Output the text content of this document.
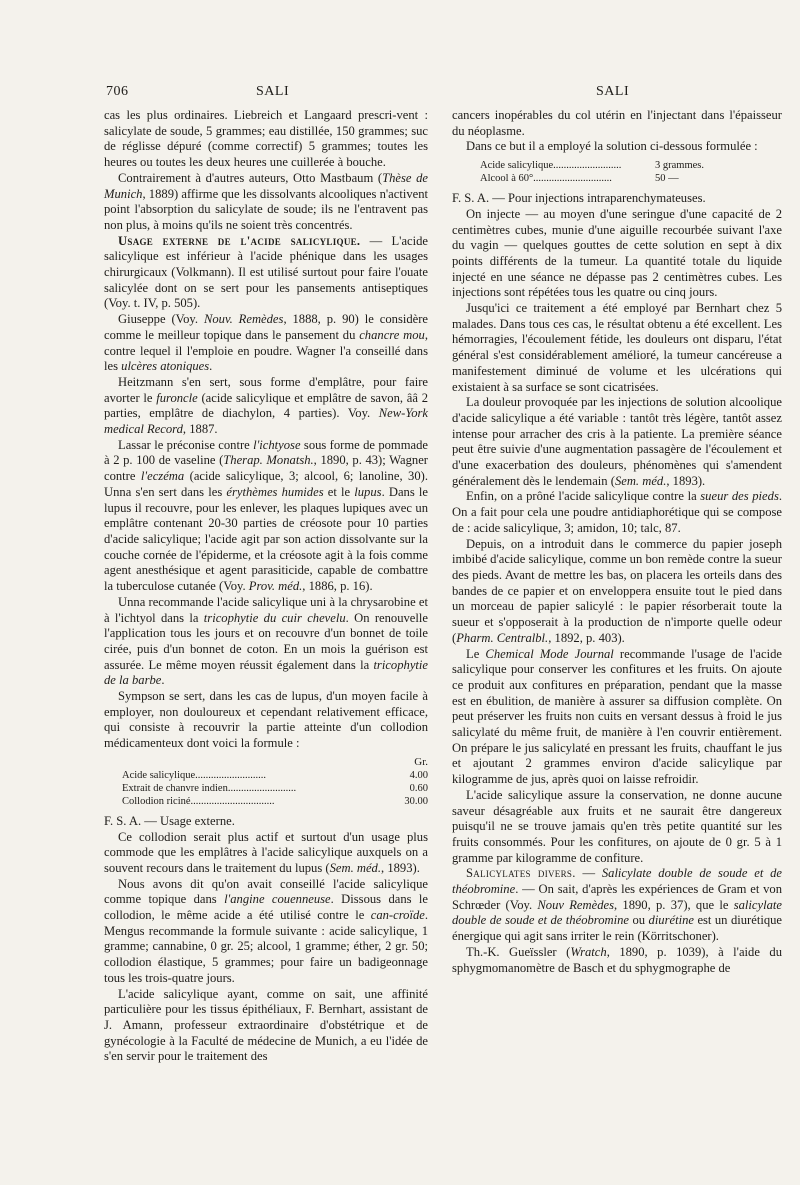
706	SALI	SALI

cas les plus ordinaires. Liebreich et Langaard prescri-vent : salicylate de soude, 5 grammes; eau distillée, 150 grammes; suc de réglisse dépuré (comme correctif) 5 grammes; toutes les heures ou toutes les deux heures une cuillerée à bouche.

Contrairement à d'autres auteurs, Otto Mastbaum (Thèse de Munich, 1889) affirme que les dissolvants alcooliques n'activent point l'absorption du salicylate de soude; ils ne l'entravent pas non plus, à moins qu'ils ne soient très concentrés.

Usage externe de l'acide salicylique. — L'acide salicylique est inférieur à l'acide phénique dans les usages chirurgicaux (Volkmann). Il est utilisé surtout pour faire l'ouate salicylée dont on se sert pour les pansements antiseptiques (Voy. t. IV, p. 505).

Giuseppe (Voy. Nouv. Remèdes, 1888, p. 90) le considère comme le meilleur topique dans le pansement du chancre mou, contre lequel il l'emploie en poudre. Wagner l'a conseillé dans les ulcères atoniques.

Heitzmann s'en sert, sous forme d'emplâtre, pour faire avorter le furoncle (acide salicylique et emplâtre de savon, ââ 2 parties, emplâtre de diachylon, 4 parties). Voy. New-York medical Record, 1887.

Lassar le préconise contre l'ichtyose sous forme de pommade à 2 p. 100 de vaseline (Therap. Monatsh., 1890, p. 43); Wagner contre l'eczéma (acide salicylique, 3; alcool, 6; lanoline, 30). Unna s'en sert dans les érythèmes humides et le lupus. Dans le lupus il recouvre, pour les enlever, les plaques lupiques avec un emplâtre contenant 20-30 parties de créosote pour 10 parties d'acide salicylique; l'acide agit par son action dissolvante sur la couche cornée de l'épiderme, et la créosote agit à la fois comme agent anesthésique et agent parasiticide, capable de combattre la tuberculose cutanée (Voy. Prov. méd., 1886, p. 16).

Unna recommande l'acide salicylique uni à la chrysarobine et à l'ichtyol dans la tricophytie du cuir chevelu. On renouvelle l'application tous les jours et on recouvre d'un bonnet de toile cirée, puis d'un bonnet de coton. En un mois la guérison est assurée. Le même moyen réussit également dans la tricophytie de la barbe.

Sympson se sert, dans les cas de lupus, d'un moyen facile à employer, non douloureux et cependant relativement efficace, qui consiste à recouvrir la partie atteinte d'un collodion médicamenteux dont voici la formule :

Gr.
Acide salicylique...........................	4.00
Extrait de chanvre indien..........................	0.60
Collodion riciné................................	30.00

F. S. A. — Usage externe.

Ce collodion serait plus actif et surtout d'un usage plus commode que les emplâtres à l'acide salicylique auxquels on a souvent recours dans le traitement du lupus (Sem. méd., 1893).

Nous avons dit qu'on avait conseillé l'acide salicylique comme topique dans l'angine couenneuse. Dissous dans le collodion, le même acide a été utilisé contre le can-croïde. Mengus recommande la formule suivante : acide salicylique, 1 gramme; cannabine, 0 gr. 25; alcool, 1 gramme; éther, 2 gr. 50; collodion élastique, 5 grammes; pour faire un badigeonnage tous les trois-quatre jours.

L'acide salicylique ayant, comme on sait, une affinité particulière pour les tissus épithéliaux, F. Bernhart, assistant de J. Amann, professeur extraordinaire d'obstétrique et de gynécologie à la Faculté de médecine de Munich, a eu l'idée de s'en servir pour le traitement des

cancers inopérables du col utérin en l'injectant dans l'épaisseur du néoplasme.

Dans ce but il a employé la solution ci-dessous formulée :

Acide salicylique..........................	3 grammes.
Alcool à 60°..............................	50 —

F. S. A. — Pour injections intraparenchymateuses.

On injecte — au moyen d'une seringue d'une capacité de 2 centimètres cubes, munie d'une aiguille recourbée suivant l'axe du vagin — quelques gouttes de cette solution en sept à dix points différents de la tumeur. La quantité totale du liquide injecté en une séance ne dépasse pas 2 centimètres cubes. Les injections sont répétées tous les quatre ou cinq jours.

Jusqu'ici ce traitement a été employé par Bernhart chez 5 malades. Dans tous ces cas, le résultat obtenu a été excellent. Les hémorragies, l'écoulement fétide, les douleurs ont disparu, l'état général s'est considérablement amélioré, la tumeur cancéreuse a manifestement diminué de volume et les ulcérations qui existaient à sa surface se sont cicatrisées.

La douleur provoquée par les injections de solution alcoolique d'acide salicylique a été variable : tantôt très légère, tantôt assez intense pour arracher des cris à la patiente. La première séance peut être suivie d'une augmentation passagère de l'écoulement et d'une exacerbation des douleurs, phénomènes qui s'amendent généralement dès le lendemain (Sem. méd., 1893).

Enfin, on a prôné l'acide salicylique contre la sueur des pieds. On a fait pour cela une poudre antidiaphorétique qui se compose de : acide salicylique, 3; amidon, 10; talc, 87.

Depuis, on a introduit dans le commerce du papier joseph imbibé d'acide salicylique, comme un bon remède contre la sueur des pieds. Avant de mettre les bas, on placera les orteils dans des bandes de ce papier et on enveloppera ensuite tout le pied dans un morceau de papier salicylé : le papier résorberait toute la sueur et s'opposerait à la production de n'importe quelle odeur (Pharm. Centralbl., 1892, p. 403).

Le Chemical Mode Journal recommande l'usage de l'acide salicylique pour conserver les confitures et les fruits. On ajoute ce produit aux confitures en préparation, pendant que la masse est en ébulition, de manière à assurer sa diffusion complète. On peut préserver les fruits non cuits en versant dessus à froid le jus salicylaté du même fruit, de manière à l'en couvrir entièrement. On prépare le jus salicylaté en pressant les fruits, chauffant le jus et ajoutant 2 grammes environ d'acide salicylique par kilogramme de jus, après quoi on laisse refroidir.

L'acide salicylique assure la conservation, ne donne aucune saveur désagréable aux fruits et ne saurait être dangereux puisqu'il ne se trouve jamais qu'en très petite quantité sur les fruits consommés. Pour les confitures, on ajoute de 0 gr. 5 à 1 gramme par kilogramme de confiture.

Salicylates divers. — Salicylate double de soude et de théobromine. — On sait, d'après les expériences de Gram et von Schrœder (Voy. Nouv Remèdes, 1890, p. 37), que le salicylate double de soude et de théobromine ou diurétine est un diurétique énergique qui agit sans irriter le rein (Körritschoner).

Th.-K. Gueïssler (Wratch, 1890, p. 1039), à l'aide du sphygmomanomètre de Basch et du sphygmographe de
